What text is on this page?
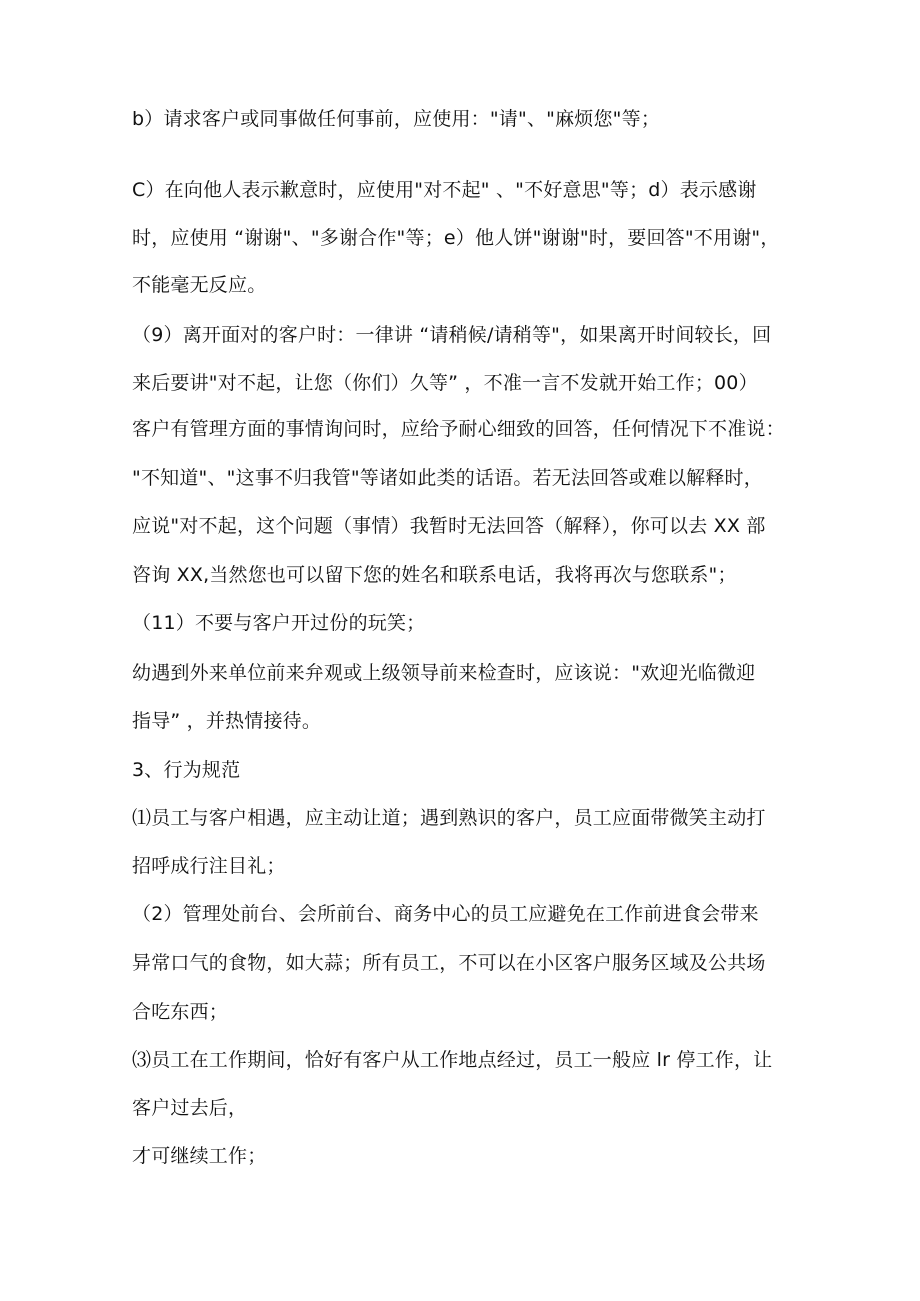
b）请求客户或同事做任何事前，应使用："请"、"麻烦您"等；
C）在向他人表示歉意时，应使用"对不起" 、"不好意思"等；d）表示感谢
时，应使用 “谢谢"、"多谢合作"等；e）他人饼"谢谢"时，要回答"不用谢"，
不能毫无反应。
（9）离开面对的客户时：一律讲 “请稍候/请稍等"，如果离开时间较长，回
来后要讲"对不起，让您（你们）久等” ，不准一言不发就开始工作；00）
客户有管理方面的事情询问时，应给予耐心细致的回答，任何情况下不准说：
"不知道"、"这事不归我管"等诸如此类的话语。若无法回答或难以解释时，
应说"对不起，这个问题（事情）我暂时无法回答（解释），你可以去 XX 部
咨询 XX,当然您也可以留下您的姓名和联系电话，我将再次与您联系"；
（11）不要与客户开过份的玩笑；
幼遇到外来单位前来弁观或上级领导前来检查时，应该说："欢迎光临微迎
指导” ，并热情接待。
3、行为规范
⑴员工与客户相遇，应主动让道；遇到熟识的客户，员工应面带微笑主动打
招呼成行注目礼；
（2）管理处前台、会所前台、商务中心的员工应避免在工作前进食会带来
异常口气的食物，如大蒜；所有员工，不可以在小区客户服务区域及公共场
合吃东西；
⑶员工在工作期间，恰好有客户从工作地点经过，员工一般应 lr 停工作，让
客户过去后，
才可继续工作；
